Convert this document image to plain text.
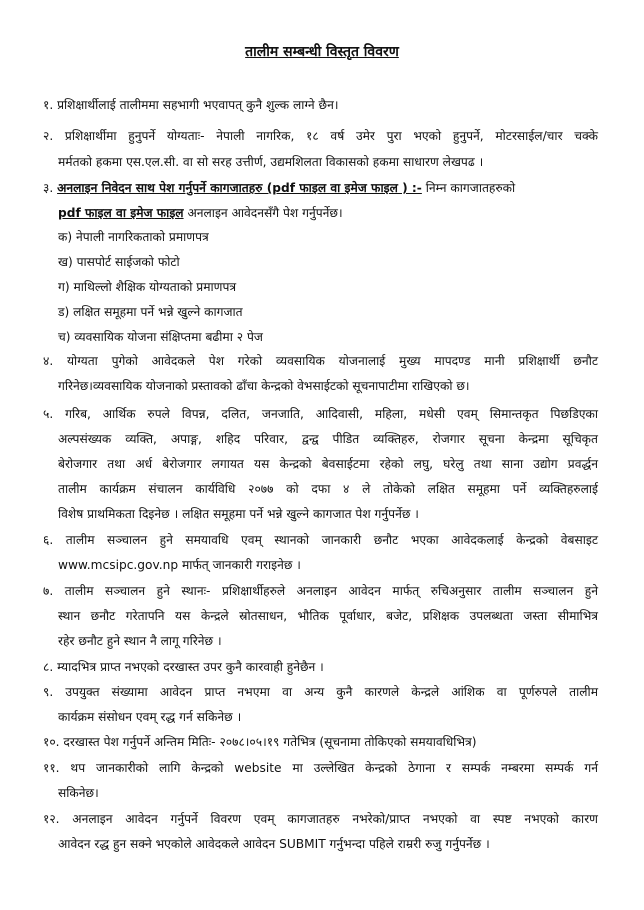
तालीम सम्बन्धी विस्तृत विवरण
१. प्रशिक्षार्थीलाई तालीममा सहभागी भएवापत् कुनै शुल्क लाग्ने छैन।
२. प्रशिक्षार्थीमा हुनुपर्ने योग्यताः- नेपाली नागरिक, १८ वर्ष उमेर पुरा भएको हुनुपर्ने, मोटरसाईल/चार चक्के
मर्मतको हकमा एस.एल.सी. वा सो सरह उत्तीर्ण, उद्यमशिलता विकासको हकमा साधारण लेखपढ ।
३. अनलाइन निवेदन साथ पेश गर्नुपर्ने कागजातहरु (pdf फाइल वा इमेज फाइल ) :- निम्न कागजातहरुको
pdf फाइल वा इमेज फाइल अनलाइन आवेदनसँगै पेश गर्नुपर्नेछ।
क) नेपाली नागरिकताको प्रमाणपत्र
ख) पासपोर्ट साईजको फोटो
ग) माथिल्लो शैक्षिक योग्यताको प्रमाणपत्र
ड) लक्षित समूहमा पर्ने भन्ने खुल्ने कागजात
च) व्यवसायिक योजना संक्षिप्तमा बढीमा २ पेज
४. योग्यता पुगेको आवेदकले पेश गरेको व्यवसायिक योजनालाई मुख्य मापदण्ड मानी प्रशिक्षार्थी छनौट
गरिनेछ।व्यवसायिक योजनाको प्रस्तावको ढाँचा केन्द्रको वेभसाईटको सूचनापाटीमा राखिएको छ।
५. गरिब, आर्थिक रुपले विपन्न, दलित, जनजाति, आदिवासी, महिला, मधेसी एवम् सिमान्तकृत पिछडिएका
अल्पसंख्यक व्यक्ति, अपाङ्ग, शहिद परिवार, द्वन्द्व पीडित व्यक्तिहरु, रोजगार सूचना केन्द्रमा सूचिकृत
बेरोजगार तथा अर्ध बेरोजगार लगायत यस केन्द्रको बेवसाईटमा रहेको लघु, घरेलु तथा साना उद्योग प्रवर्द्धन
तालीम कार्यक्रम संचालन कार्यविधि २०७७ को दफा ४ ले तोकेको लक्षित समूहमा पर्ने व्यक्तिहरुलाई
विशेष प्राथमिकता दिइनेछ । लक्षित समूहमा पर्ने भन्ने खुल्ने कागजात पेश गर्नुपर्नेछ ।
६. तालीम सञ्चालन हुने समयावधि एवम् स्थानको जानकारी छनौट भएका आवेदकलाई केन्द्रको वेबसाइट
www.mcsipc.gov.np मार्फत् जानकारी गराइनेछ ।
७. तालीम सञ्चालन हुने स्थानः- प्रशिक्षार्थीहरुले अनलाइन आवेदन मार्फत् रुचिअनुसार तालीम सञ्चालन हुने
स्थान छनौट गरेतापनि यस केन्द्रले स्रोतसाधन, भौतिक पूर्वाधार, बजेट, प्रशिक्षक उपलब्धता जस्ता सीमाभित्र
रहेर छनौट हुने स्थान नै लागू गरिनेछ ।
८. म्यादभित्र प्राप्त नभएको दरखास्त उपर कुनै कारवाही हुनेछैन ।
९. उपयुक्त संख्यामा आवेदन प्राप्त नभएमा वा अन्य कुनै कारणले केन्द्रले आंशिक वा पूर्णरुपले तालीम
कार्यक्रम संसोधन एवम् रद्ध गर्न सकिनेछ ।
१०. दरखास्त पेश गर्नुपर्ने अन्तिम मितिः- २०७८।०५।१९ गतेभित्र (सूचनामा तोकिएको समयावधिभित्र)
११. थप जानकारीको लागि केन्द्रको website मा उल्लेखित केन्द्रको ठेगाना र सम्पर्क नम्बरमा सम्पर्क गर्न
सकिनेछ।
१२. अनलाइन आवेदन गर्नुपर्ने विवरण एवम् कागजातहरु नभरेको/प्राप्त नभएको वा स्पष्ट नभएको कारण
आवेदन रद्ध हुन सक्ने भएकोले आवेदकले आवेदन SUBMIT गर्नुभन्दा पहिले राम्ररी रुजु गर्नुपर्नेछ ।
